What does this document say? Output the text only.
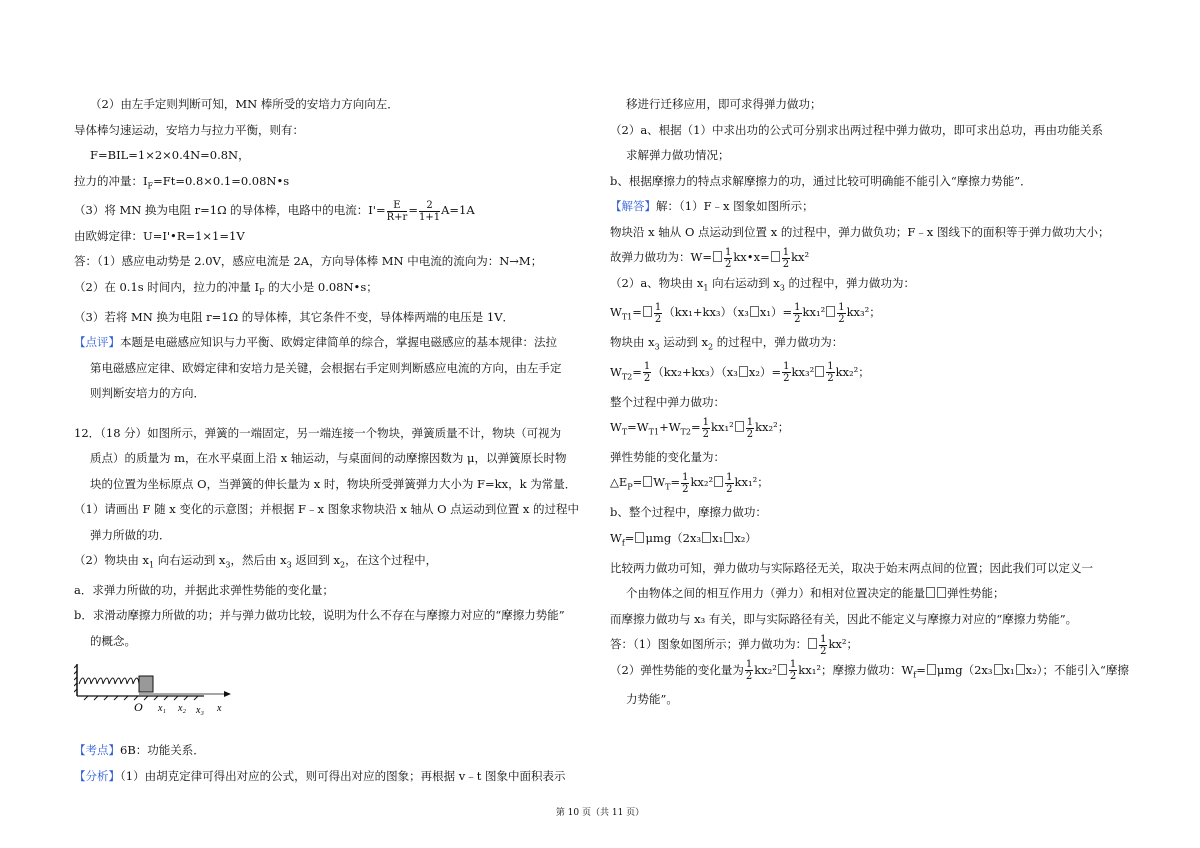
（2）由左手定则判断可知，MN 棒所受的安培力方向向左．
导体棒匀速运动，安培力与拉力平衡，则有：
F=BIL=1×2×0.4N=0.8N，
拉力的冲量：$I_F=Ft=0.8\times 0.1=0.08N•s$
（3）将 MN 换为电阻 r=1Ω 的导体棒，电路中的电流：$I'= \frac{E}{R+r} = \frac{2}{1+1} A=1A$
由欧姆定律：U=I'•R=1×1=1V
答：（1）感应电动势是 2.0V，感应电流是 2A，方向导体棒 MN 中电流的流向为：N→M；
（2）在 0.1s 时间内，拉力的冲量 $I_F$ 的大小是 0.08N•s；
（3）若将 MN 换为电阻 r=1Ω 的导体棒，其它条件不变，导体棒两端的电压是 1V．
【点评】本题是电磁感应知识与力平衡、欧姆定律简单的综合，掌握电磁感应的基本规律：法拉
第电磁感应定律、欧姆定律和安培力是关键，会根据右手定则判断感应电流的方向，由左手定
则判断安培力的方向．
12．（18 分）如图所示，弹簧的一端固定，另一端连接一个物块，弹簧质量不计，物块（可视为
质点）的质量为 m，在水平桌面上沿 x 轴运动，与桌面间的动摩擦因数为 μ，以弹簧原长时物
块的位置为坐标原点 O，当弹簧的伸长量为 x 时，物块所受弹簧弹力大小为 F=kx，k 为常量．
（1）请画出 F 随 x 变化的示意图；并根据 F﹣x 图象求物块沿 x 轴从 O 点运动到位置 x 的过程中
弹力所做的功．
（2）物块由 $x_1$ 向右运动到 $x_3$，然后由 $x_3$ 返回到 $x_2$，在这个过程中，
a．求弹力所做的功，并据此求弹性势能的变化量；
b．求滑动摩擦力所做的功；并与弹力做功比较，说明为什么不存在与摩擦力对应的“摩擦力势能”
的概念。
O x₁ x₂ x₃ x
【考点】6B：功能关系．
【分析】（1）由胡克定律可得出对应的公式，则可得出对应的图象；再根据 v﹣t 图象中面积表示
移进行迁移应用，即可求得弹力做功；
（2）a、根据（1）中求出功的公式可分别求出两过程中弹力做功，即可求出总功，再由功能关系
求解弹力做功情况；
b、根据摩擦力的特点求解摩擦力的功，通过比较可明确能不能引入“摩擦力势能”．
【解答】解：（1）F﹣x 图象如图所示；
物块沿 x 轴从 O 点运动到位置 x 的过程中，弹力做负功；F﹣x 图线下的面积等于弹力做功大小；
故弹力做功为：$W= \frac{1}{2}$ kx•x= $\frac{1}{2} kx^2$
（2）a、物块由 $x_1$ 向右运动到 $x_3$ 的过程中，弹力做功为：
$W_{T1}= \frac{1}{2} (kx_1+kx_3)(x_3$ $x_1)= \frac{1}{2} kx_1^2 \frac{1}{2} kx_3^2$；
物块由 $x_3$ 运动到 $x_2$ 的过程中，弹力做功为：
$W_{T2}= \frac{1}{2} (kx_2+kx_3)(x_3$ $x_2)= \frac{1}{2} kx_3^2 \frac{1}{2} kx_2^2$；
整个过程中弹力做功：
$W_T=W_{T1}+W_{T2}= \frac{1}{2} kx_1^2 \frac{1}{2} kx_2^2$；
弹性势能的变化量为：
$\triangle E_P= W_T= \frac{1}{2} kx_2^2 \frac{1}{2} kx_1^2$；
b、整个过程中，摩擦力做功：
$W_f= \mu mg(2x_3$ x₁ x₂）
比较两力做功可知，弹力做功与实际路径无关，取决于始末两点间的位置；因此我们可以定义一
个由物体之间的相互作用力（弹力）和相对位置决定的能量 弹性势能；
而摩擦力做功与 x₃ 有关，即与实际路径有关，因此不能定义与摩擦力对应的“摩擦力势能”。
答：（1）图象如图所示；弹力做功为： $\frac{1}{2} kx^2$；
（2）弹性势能的变化量为 $\frac{1}{2} kx_2^2 \frac{1}{2} kx_1^2$；摩擦力做功：$W_f= \mu mg(2x_3$ x₁ x₂）；不能引入“摩擦
力势能”。
第 10 页（共 11 页）
